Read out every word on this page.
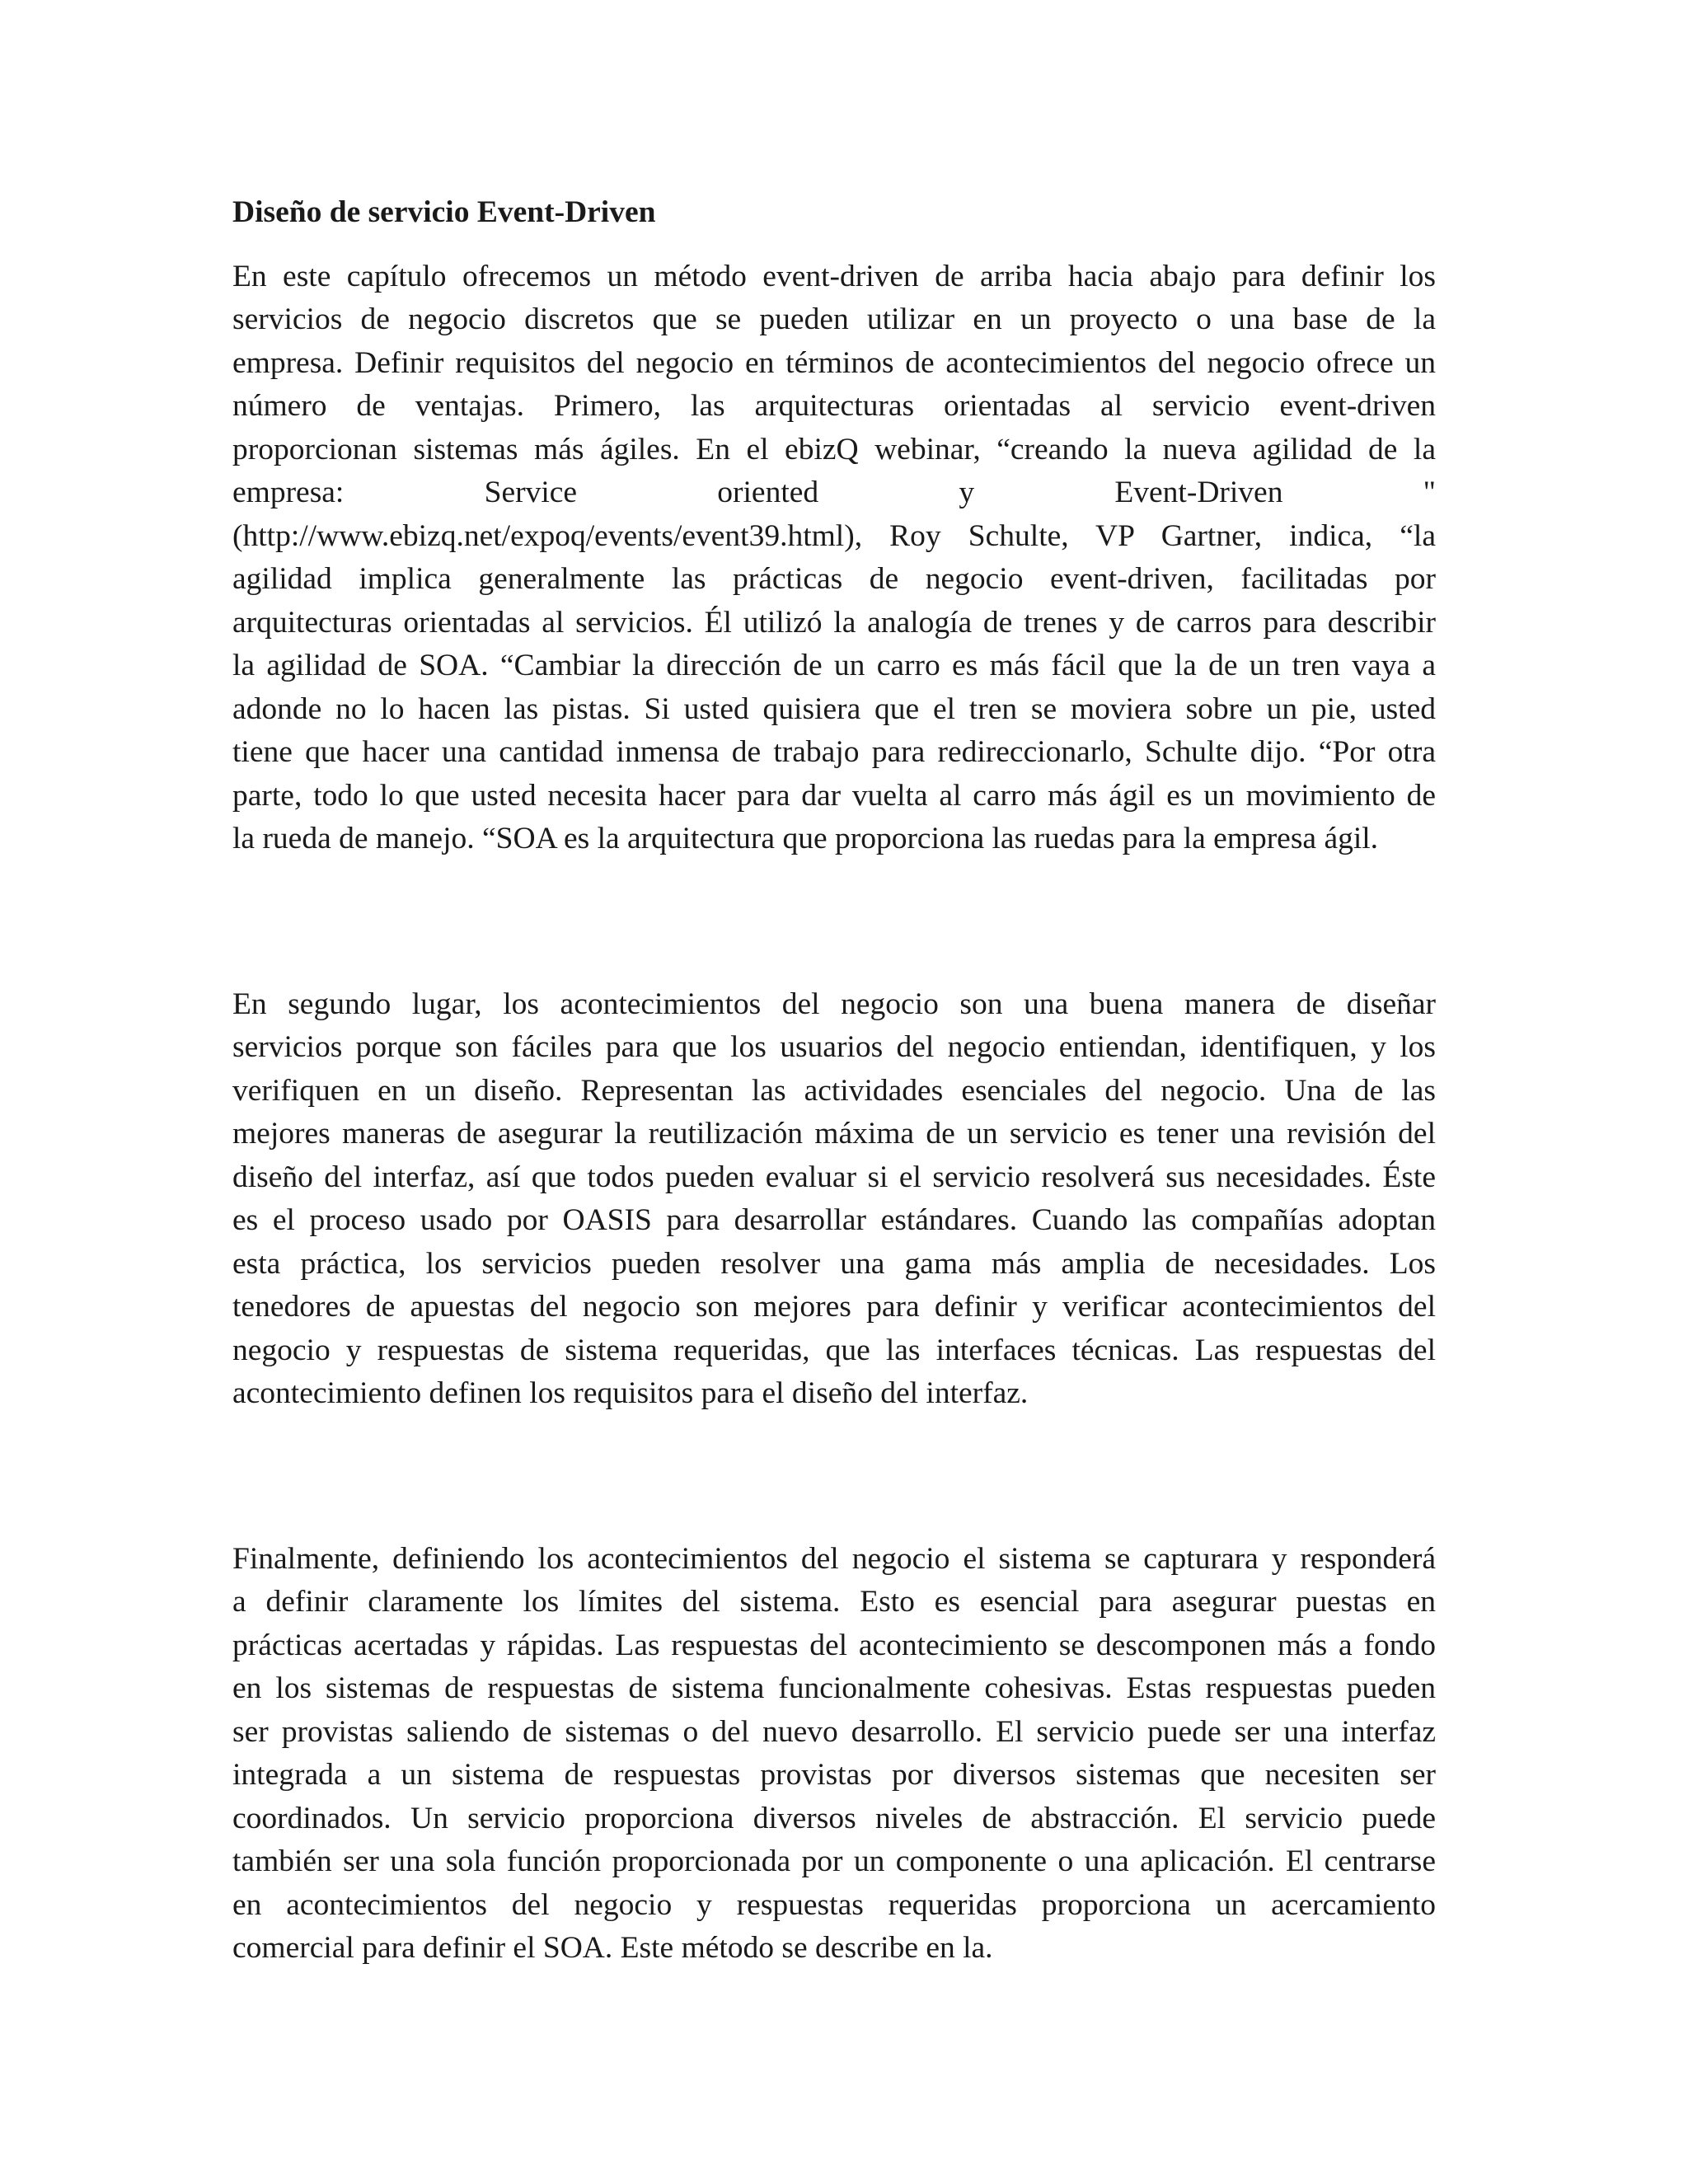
Diseño de servicio Event-Driven
En este capítulo ofrecemos un método event-driven de arriba hacia abajo para definir los
servicios de negocio discretos que se pueden utilizar en un proyecto o una base de la
empresa. Definir requisitos del negocio en términos de acontecimientos del negocio ofrece un
número de ventajas. Primero, las arquitecturas orientadas al servicio event-driven
proporcionan sistemas más ágiles. En el ebizQ webinar, “creando la nueva agilidad de la
empresa: Service oriented y Event-Driven "
(http://www.ebizq.net/expoq/events/event39.html), Roy Schulte, VP Gartner, indica, “la
agilidad implica generalmente las prácticas de negocio event-driven, facilitadas por
arquitecturas orientadas al servicios. Él utilizó la analogía de trenes y de carros para describir
la agilidad de SOA. “Cambiar la dirección de un carro es más fácil que la de un tren vaya a
adonde no lo hacen las pistas. Si usted quisiera que el tren se moviera sobre un pie, usted
tiene que hacer una cantidad inmensa de trabajo para redireccionarlo, Schulte dijo. “Por otra
parte, todo lo que usted necesita hacer para dar vuelta al carro más ágil es un movimiento de
la rueda de manejo. “SOA es la arquitectura que proporciona las ruedas para la empresa ágil.
En segundo lugar, los acontecimientos del negocio son una buena manera de diseñar
servicios porque son fáciles para que los usuarios del negocio entiendan, identifiquen, y los
verifiquen en un diseño. Representan las actividades esenciales del negocio. Una de las
mejores maneras de asegurar la reutilización máxima de un servicio es tener una revisión del
diseño del interfaz, así que todos pueden evaluar si el servicio resolverá sus necesidades. Éste
es el proceso usado por OASIS para desarrollar estándares. Cuando las compañías adoptan
esta práctica, los servicios pueden resolver una gama más amplia de necesidades. Los
tenedores de apuestas del negocio son mejores para definir y verificar acontecimientos del
negocio y respuestas de sistema requeridas, que las interfaces técnicas. Las respuestas del
acontecimiento definen los requisitos para el diseño del interfaz.
Finalmente, definiendo los acontecimientos del negocio el sistema se capturara y responderá
a definir claramente los límites del sistema. Esto es esencial para asegurar puestas en
prácticas acertadas y rápidas. Las respuestas del acontecimiento se descomponen más a fondo
en los sistemas de respuestas de sistema funcionalmente cohesivas. Estas respuestas pueden
ser provistas saliendo de sistemas o del nuevo desarrollo. El servicio puede ser una interfaz
integrada a un sistema de respuestas provistas por diversos sistemas que necesiten ser
coordinados. Un servicio proporciona diversos niveles de abstracción. El servicio puede
también ser una sola función proporcionada por un componente o una aplicación. El centrarse
en acontecimientos del negocio y respuestas requeridas proporciona un acercamiento
comercial para definir el SOA. Este método se describe en la.
